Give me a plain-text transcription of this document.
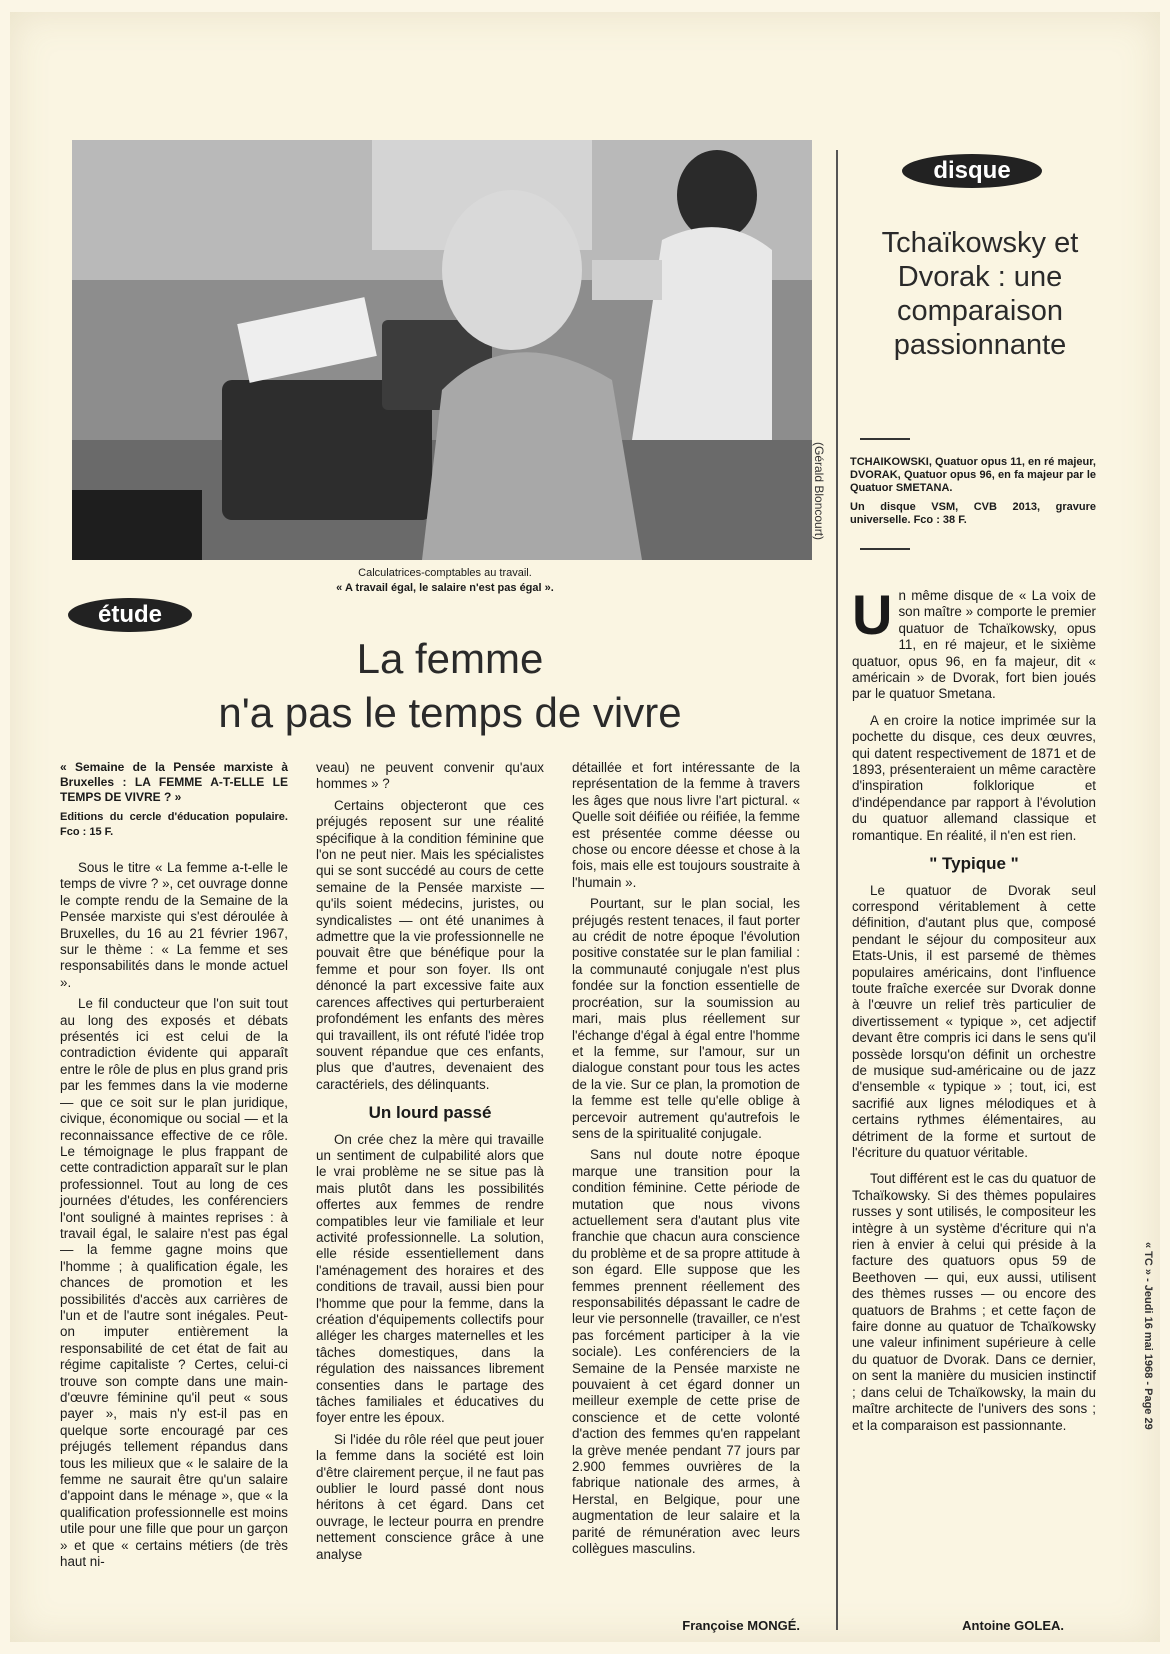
(Gérald Bloncourt)
Calculatrices-comptables au travail.
« A travail égal, le salaire n'est pas égal ».
étude
La femme
n'a pas le temps de vivre

« Semaine de la Pensée marxiste à Bruxelles : LA FEMME A-T-ELLE LE TEMPS DE VIVRE ? »

Editions du cercle d'éducation populaire. Fco : 15 F.

Sous le titre « La femme a-t-elle le temps de vivre ? », cet ouvrage donne le compte rendu de la Semaine de la Pensée marxiste qui s'est déroulée à Bruxelles, du 16 au 21 février 1967, sur le thème : « La femme et ses responsabilités dans le monde actuel ».

Le fil conducteur que l'on suit tout au long des exposés et débats présentés ici est celui de la contradiction évidente qui apparaît entre le rôle de plus en plus grand pris par les femmes dans la vie moderne — que ce soit sur le plan juridique, civique, économique ou social — et la reconnaissance effective de ce rôle. Le témoignage le plus frappant de cette contradiction apparaît sur le plan professionnel. Tout au long de ces journées d'études, les conférenciers l'ont souligné à maintes reprises : à travail égal, le salaire n'est pas égal — la femme gagne moins que l'homme ; à qualification égale, les chances de promotion et les possibilités d'accès aux carrières de l'un et de l'autre sont inégales. Peut-on imputer entièrement la responsabilité de cet état de fait au régime capitaliste ? Certes, celui-ci trouve son compte dans une main-d'œuvre féminine qu'il peut « sous payer », mais n'y est-il pas en quelque sorte encouragé par ces préjugés tellement répandus dans tous les milieux que « le salaire de la femme ne saurait être qu'un salaire d'appoint dans le ménage », que « la qualification professionnelle est moins utile pour une fille que pour un garçon » et que « certains métiers (de très haut ni-

veau) ne peuvent convenir qu'aux hommes » ?

Certains objecteront que ces préjugés reposent sur une réalité spécifique à la condition féminine que l'on ne peut nier. Mais les spécialistes qui se sont succédé au cours de cette semaine de la Pensée marxiste — qu'ils soient médecins, juristes, ou syndicalistes — ont été unanimes à admettre que la vie professionnelle ne pouvait être que bénéfique pour la femme et pour son foyer. Ils ont dénoncé la part excessive faite aux carences affectives qui perturberaient profondément les enfants des mères qui travaillent, ils ont réfuté l'idée trop souvent répandue que ces enfants, plus que d'autres, devenaient des caractériels, des délinquants.

Un lourd passé

On crée chez la mère qui travaille un sentiment de culpabilité alors que le vrai problème ne se situe pas là mais plutôt dans les possibilités offertes aux femmes de rendre compatibles leur vie familiale et leur activité professionnelle. La solution, elle réside essentiellement dans l'aménagement des horaires et des conditions de travail, aussi bien pour l'homme que pour la femme, dans la création d'équipements collectifs pour alléger les charges maternelles et les tâches domestiques, dans la régulation des naissances librement consenties dans le partage des tâches familiales et éducatives du foyer entre les époux.

Si l'idée du rôle réel que peut jouer la femme dans la société est loin d'être clairement perçue, il ne faut pas oublier le lourd passé dont nous héritons à cet égard. Dans cet ouvrage, le lecteur pourra en prendre nettement conscience grâce à une analyse

détaillée et fort intéressante de la représentation de la femme à travers les âges que nous livre l'art pictural. « Quelle soit déifiée ou réifiée, la femme est présentée comme déesse ou chose ou encore déesse et chose à la fois, mais elle est toujours soustraite à l'humain ».

Pourtant, sur le plan social, les préjugés restent tenaces, il faut porter au crédit de notre époque l'évolution positive constatée sur le plan familial : la communauté conjugale n'est plus fondée sur la fonction essentielle de procréation, sur la soumission au mari, mais plus réellement sur l'échange d'égal à égal entre l'homme et la femme, sur l'amour, sur un dialogue constant pour tous les actes de la vie. Sur ce plan, la promotion de la femme est telle qu'elle oblige à percevoir autrement qu'autrefois le sens de la spiritualité conjugale.

Sans nul doute notre époque marque une transition pour la condition féminine. Cette période de mutation que nous vivons actuellement sera d'autant plus vite franchie que chacun aura conscience du problème et de sa propre attitude à son égard. Elle suppose que les femmes prennent réellement des responsabilités dépassant le cadre de leur vie personnelle (travailler, ce n'est pas forcément participer à la vie sociale). Les conférenciers de la Semaine de la Pensée marxiste ne pouvaient à cet égard donner un meilleur exemple de cette prise de conscience et de cette volonté d'action des femmes qu'en rappelant la grève menée pendant 77 jours par 2.900 femmes ouvrières de la fabrique nationale des armes, à Herstal, en Belgique, pour une augmentation de leur salaire et la parité de rémunération avec leurs collègues masculins.

Françoise MONGÉ.
disque
Tchaïkowsky et Dvorak : une comparaison passionnante

TCHAIKOWSKI, Quatuor opus 11, en ré majeur, DVORAK, Quatuor opus 96, en fa majeur par le Quatuor SMETANA.

Un disque VSM, CVB 2013, gravure universelle. Fco : 38 F.

Un même disque de « La voix de son maître » comporte le premier quatuor de Tchaïkowsky, opus 11, en ré majeur, et le sixième quatuor, opus 96, en fa majeur, dit « américain » de Dvorak, fort bien joués par le quatuor Smetana.

A en croire la notice imprimée sur la pochette du disque, ces deux œuvres, qui datent respectivement de 1871 et de 1893, présenteraient un même caractère d'inspiration folklorique et d'indépendance par rapport à l'évolution du quatuor allemand classique et romantique. En réalité, il n'en est rien.

" Typique "

Le quatuor de Dvorak seul correspond véritablement à cette définition, d'autant plus que, composé pendant le séjour du compositeur aux Etats-Unis, il est parsemé de thèmes populaires américains, dont l'influence toute fraîche exercée sur Dvorak donne à l'œuvre un relief très particulier de divertissement « typique », cet adjectif devant être compris ici dans le sens qu'il possède lorsqu'on définit un orchestre de musique sud-américaine ou de jazz d'ensemble « typique » ; tout, ici, est sacrifié aux lignes mélodiques et à certains rythmes élémentaires, au détriment de la forme et surtout de l'écriture du quatuor véritable.

Tout différent est le cas du quatuor de Tchaïkowsky. Si des thèmes populaires russes y sont utilisés, le compositeur les intègre à un système d'écriture qui n'a rien à envier à celui qui préside à la facture des quatuors opus 59 de Beethoven — qui, eux aussi, utilisent des thèmes russes — ou encore des quatuors de Brahms ; et cette façon de faire donne au quatuor de Tchaïkowsky une valeur infiniment supérieure à celle du quatuor de Dvorak. Dans ce dernier, on sent la manière du musicien instinctif ; dans celui de Tchaïkowsky, la main du maître architecte de l'univers des sons ; et la comparaison est passionnante.

Antoine GOLEA.
« TC » - Jeudi 16 mai 1968 - Page 29
